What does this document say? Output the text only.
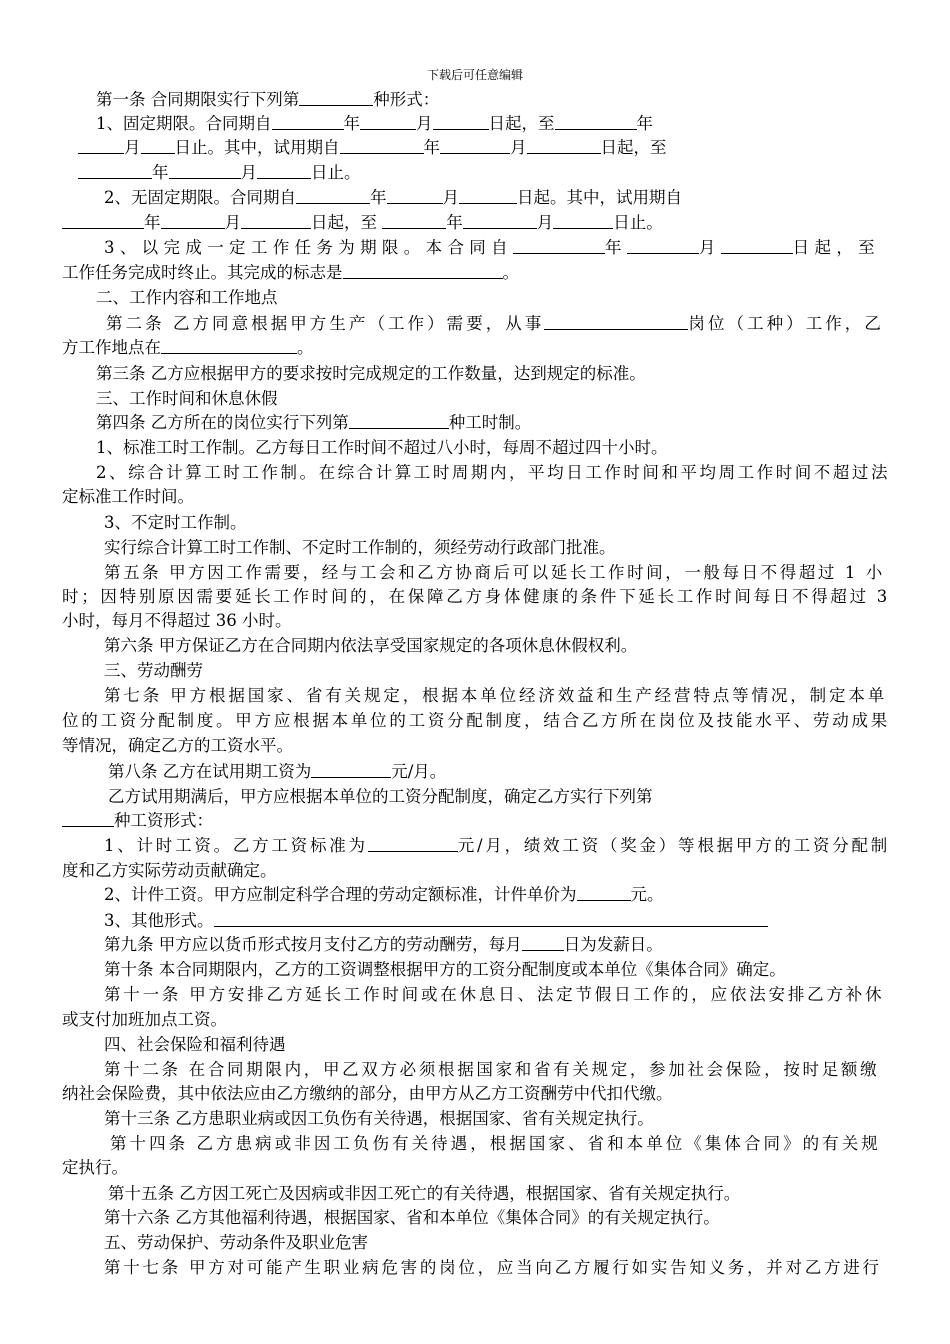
下载后可任意编辑
第一条 合同期限实行下列第	种形式：
1、固定期限。合同期自	年	月	日起，至	年
月 日止。其中，试用期自	年	月	日起，至
年	月	日止。
2、无固定期限。合同期自	年	月	日起。其中，试用期自
年	月	日起，至	年	月	日止。
3、以完成一定工作任务为期限。本合同自	年	月	日起，至
工作任务完成时终止。其完成的标志是	。
二、工作内容和工作地点
第二条 乙方同意根据甲方生产（工作）需要，从事	岗位（工种）工作，乙
方工作地点在	。
第三条 乙方应根据甲方的要求按时完成规定的工作数量，达到规定的标准。
三、工作时间和休息休假
第四条 乙方所在的岗位实行下列第	种工时制。
1、标准工时工作制。乙方每日工作时间不超过八小时，每周不超过四十小时。
2、综合计算工时工作制。在综合计算工时周期内，平均日工作时间和平均周工作时间不超过法
定标准工作时间。
3、不定时工作制。
实行综合计算工时工作制、不定时工作制的，须经劳动行政部门批准。
第五条 甲方因工作需要，经与工会和乙方协商后可以延长工作时间，一般每日不得超过 1 小
时；因特别原因需要延长工作时间的，在保障乙方身体健康的条件下延长工作时间每日不得超过 3
小时，每月不得超过 36 小时。
第六条 甲方保证乙方在合同期内依法享受国家规定的各项休息休假权利。
三、劳动酬劳
第七条 甲方根据国家、省有关规定，根据本单位经济效益和生产经营特点等情况，制定本单
位的工资分配制度。甲方应根据本单位的工资分配制度，结合乙方所在岗位及技能水平、劳动成果
等情况，确定乙方的工资水平。
第八条 乙方在试用期工资为	元/月。
乙方试用期满后，甲方应根据本单位的工资分配制度，确定乙方实行下列第
种工资形式：
1、计时工资。乙方工资标准为	元/月，绩效工资（奖金）等根据甲方的工资分配制
度和乙方实际劳动贡献确定。
2、计件工资。甲方应制定科学合理的劳动定额标准，计件单价为	元。
3、其他形式。
第九条 甲方应以货币形式按月支付乙方的劳动酬劳，每月	日为发薪日。
第十条 本合同期限内，乙方的工资调整根据甲方的工资分配制度或本单位《集体合同》确定。
第十一条 甲方安排乙方延长工作时间或在休息日、法定节假日工作的，应依法安排乙方补休
或支付加班加点工资。
四、社会保险和福利待遇
第十二条 在合同期限内，甲乙双方必须根据国家和省有关规定，参加社会保险，按时足额缴
纳社会保险费，其中依法应由乙方缴纳的部分，由甲方从乙方工资酬劳中代扣代缴。
第十三条 乙方患职业病或因工负伤有关待遇，根据国家、省有关规定执行。
第十四条 乙方患病或非因工负伤有关待遇，根据国家、省和本单位《集体合同》的有关规
定执行。
第十五条 乙方因工死亡及因病或非因工死亡的有关待遇，根据国家、省有关规定执行。
第十六条 乙方其他福利待遇，根据国家、省和本单位《集体合同》的有关规定执行。
五、劳动保护、劳动条件及职业危害
第十七条 甲方对可能产生职业病危害的岗位，应当向乙方履行如实告知义务，并对乙方进行
